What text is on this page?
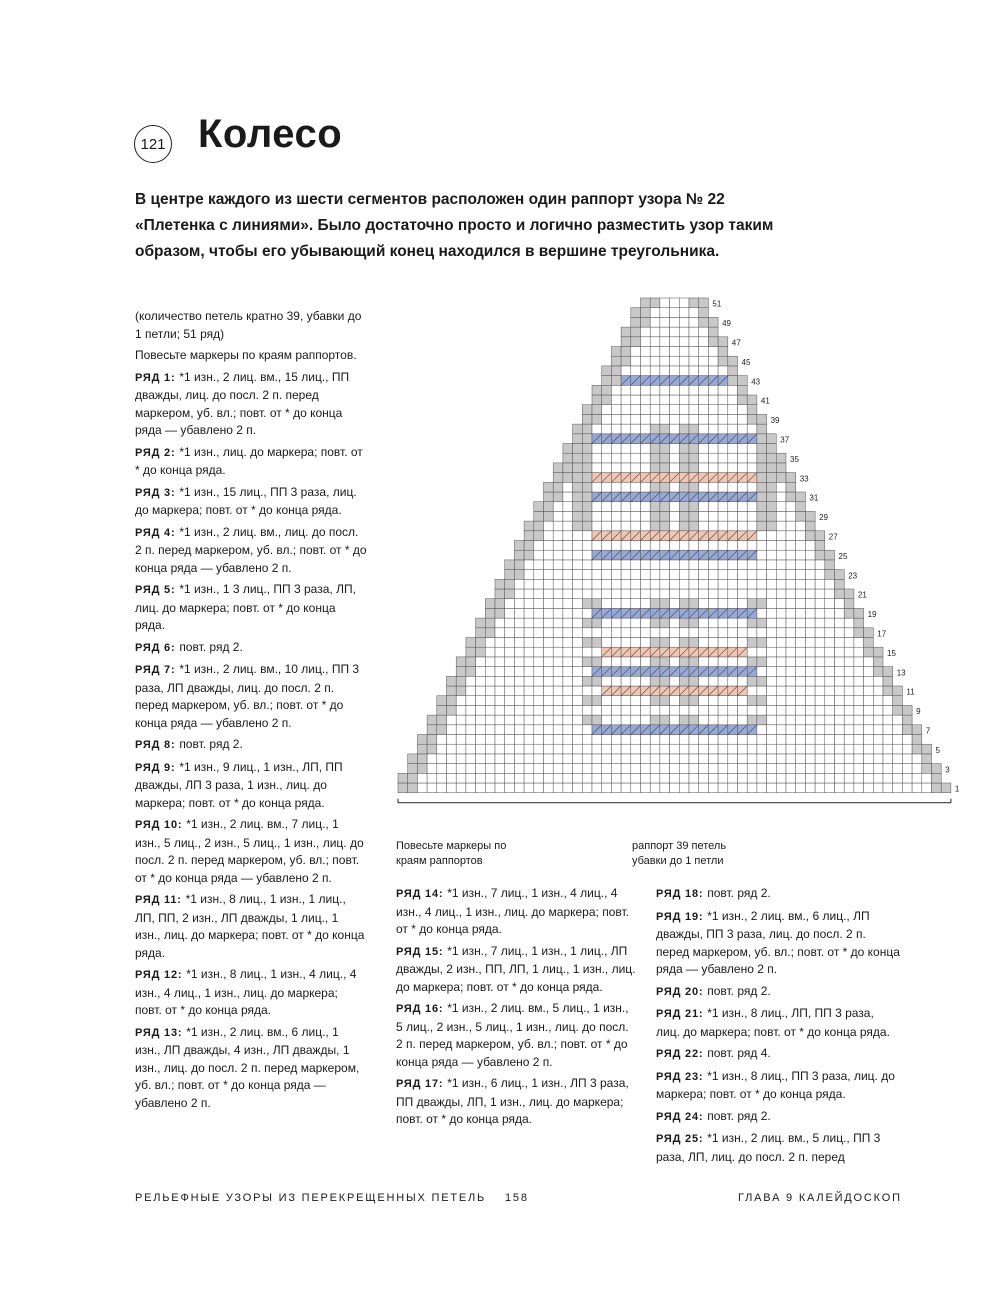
121 Колесо
В центре каждого из шести сегментов расположен один раппорт узора № 22 «Плетенка с линиями». Было достаточно просто и логично разместить узор таким образом, чтобы его убывающий конец находился в вершине треугольника.

(количество петель кратно 39, убавки до 1 петли; 51 ряд)

Повесьте маркеры по краям раппортов.

РЯД 1: *1 изн., 2 лиц. вм., 15 лиц., ПП дважды, лиц. до посл. 2 п. перед маркером, уб. вл.; повт. от * до конца ряда — убавлено 2 п.

РЯД 2: *1 изн., лиц. до маркера; повт. от * до конца ряда.

РЯД 3: *1 изн., 15 лиц., ПП 3 раза, лиц. до маркера; повт. от * до конца ряда.

РЯД 4: *1 изн., 2 лиц. вм., лиц. до посл. 2 п. перед маркером, уб. вл.; повт. от * до конца ряда — убавлено 2 п.

РЯД 5: *1 изн., 1 3 лиц., ПП 3 раза, ЛП, лиц. до маркера; повт. от * до конца ряда.

РЯД 6: повт. ряд 2.

РЯД 7: *1 изн., 2 лиц. вм., 10 лиц., ПП 3 раза, ЛП дважды, лиц. до посл. 2 п. перед маркером, уб. вл.; повт. от * до конца ряда — убавлено 2 п.

РЯД 8: повт. ряд 2.

РЯД 9: *1 изн., 9 лиц., 1 изн., ЛП, ПП дважды, ЛП 3 раза, 1 изн., лиц. до маркера; повт. от * до конца ряда.

РЯД 10: *1 изн., 2 лиц. вм., 7 лиц., 1 изн., 5 лиц., 2 изн., 5 лиц., 1 изн., лиц. до посл. 2 п. перед маркером, уб. вл.; повт. от * до конца ряда — убавлено 2 п.

РЯД 11: *1 изн., 8 лиц., 1 изн., 1 лиц., ЛП, ПП, 2 изн., ЛП дважды, 1 лиц., 1 изн., лиц. до маркера; повт. от * до конца ряда.

РЯД 12: *1 изн., 8 лиц., 1 изн., 4 лиц., 4 изн., 4 лиц., 1 изн., лиц. до маркера; повт. от * до конца ряда.

РЯД 13: *1 изн., 2 лиц. вм., 6 лиц., 1 изн., ЛП дважды, 4 изн., ЛП дважды, 1 изн., лиц. до посл. 2 п. перед маркером, уб. вл.; повт. от * до конца ряда — убавлено 2 п.

РЯД 14: *1 изн., 7 лиц., 1 изн., 4 лиц., 4 изн., 4 лиц., 1 изн., лиц. до маркера; повт. от * до конца ряда.

РЯД 15: *1 изн., 7 лиц., 1 изн., 1 лиц., ЛП дважды, 2 изн., ПП, ЛП, 1 лиц., 1 изн., лиц. до маркера; повт. от * до конца ряда.

РЯД 16: *1 изн., 2 лиц. вм., 5 лиц., 1 изн., 5 лиц., 2 изн., 5 лиц., 1 изн., лиц. до посл. 2 п. перед маркером, уб. вл.; повт. от * до конца ряда — убавлено 2 п.

РЯД 17: *1 изн., 6 лиц., 1 изн., ЛП 3 раза, ПП дважды, ЛП, 1 изн., лиц. до маркера; повт. от * до конца ряда.

РЯД 18: повт. ряд 2.

РЯД 19: *1 изн., 2 лиц. вм., 6 лиц., ЛП дважды, ПП 3 раза, лиц. до посл. 2 п. перед маркером, уб. вл.; повт. от * до конца ряда — убавлено 2 п.

РЯД 20: повт. ряд 2.

РЯД 21: *1 изн., 8 лиц., ЛП, ПП 3 раза, лиц. до маркера; повт. от * до конца ряда.

РЯД 22: повт. ряд 4.

РЯД 23: *1 изн., 8 лиц., ПП 3 раза, лиц. до маркера; повт. от * до конца ряда.

РЯД 24: повт. ряд 2.

РЯД 25: *1 изн., 2 лиц. вм., 5 лиц., ПП 3 раза, ЛП, лиц. до посл. 2 п. перед

51
49
47
45
43
41
39
37
35
33
31
29
27
25
23
21
19
17
15
13
11
9
7
5
3
1
Повесьте маркеры по краям раппортов
раппорт 39 петель убавки до 1 петли
РЕЛЬЕФНЫЕ УЗОРЫ ИЗ ПЕРЕКРЕЩЕННЫХ ПЕТЕЛЬ 158	ГЛАВА 9 КАЛЕЙДОСКОП
